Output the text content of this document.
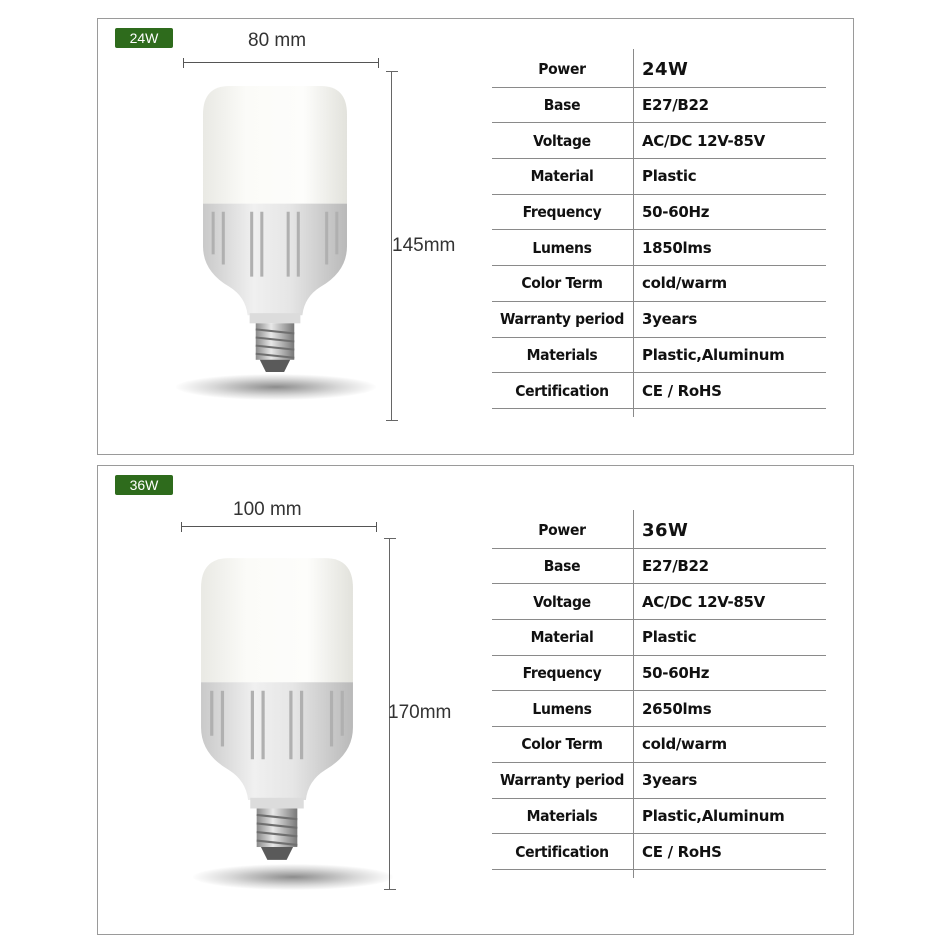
24W	80 mm
145mm
Power	24W
Base	E27/B22
Voltage	AC/DC 12V-85V
Material	Plastic
Frequency	50-60Hz
Lumens	1850lms
Color Term	cold/warm
Warranty period	3years
Materials	Plastic,Aluminum
Certification	CE / RoHS

36W
100 mm
170mm
Power	36W
Base	E27/B22
Voltage	AC/DC 12V-85V
Material	Plastic
Frequency	50-60Hz
Lumens	2650lms
Color Term	cold/warm
Warranty period	3years
Materials	Plastic,Aluminum
Certification	CE / RoHS
